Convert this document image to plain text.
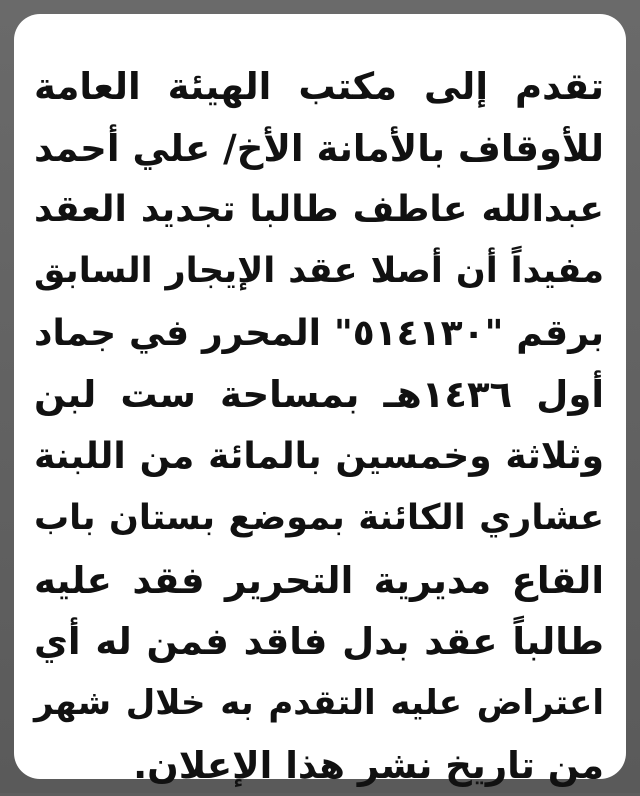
تقدم إلى مكتب الهيئة العامة
للأوقاف بالأمانة الأخ/ علي أحمد
عبدالله عاطف طالبا تجديد العقد
مفيداً أن أصلا عقد الإيجار السابق
برقم "٥١٤١٣٠" المحرر في جماد
أول ١٤٣٦هـ بمساحة ست لبن
وثلاثة وخمسين بالمائة من اللبنة
عشاري الكائنة بموضع بستان باب
القاع مديرية التحرير فقد عليه
طالباً عقد بدل فاقد فمن له أي
اعتراض عليه التقدم به خلال شهر
من تاريخ نشر هذا الإعلان.
